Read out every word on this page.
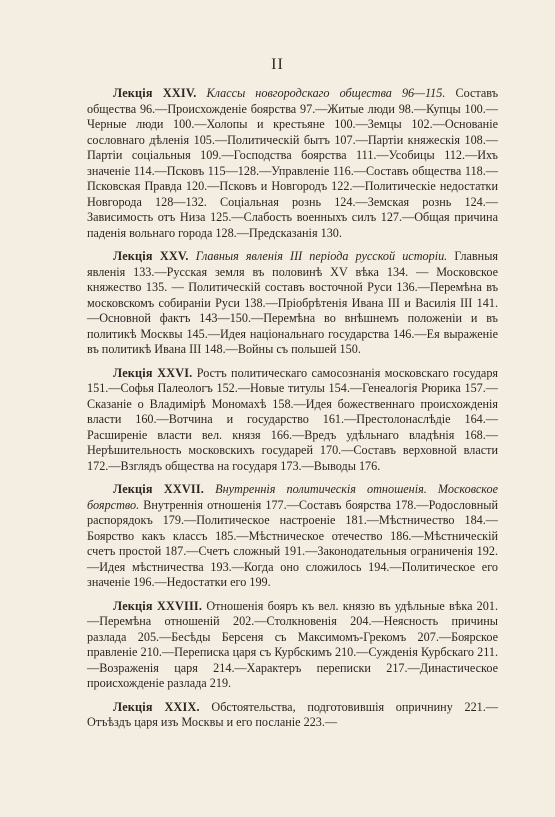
II

Лекція XXIV. Классы новгородскаго общества 96—115. Составъ общества 96.—Происхожденіе боярства 97.—Житые люди 98.—Купцы 100.—Черные люди 100.—Холопы и крестьяне 100.—Земцы 102.—Основаніе сословнаго дѣленія 105.—Политическій бытъ 107.—Партіи княжескія 108.—Партіи соціальныя 109.—Господства боярства 111.—Усобицы 112.—Ихъ значеніе 114.—Псковъ 115—128.—Управленіе 116.—Составъ общества 118.—Псковская Правда 120.—Псковъ и Новгородъ 122.—Политическіе недостатки Новгорода 128—132. Соціальная рознь 124.—Земская рознь 124.—Зависимость отъ Низа 125.—Слабость военныхъ силъ 127.—Общая причина паденія вольнаго города 128.—Предсказанія 130.

Лекція XXV. Главныя явленія III періода русской исторіи. Главныя явленія 133.—Русская земля въ половинѣ XV вѣка 134. — Московское княжество 135. — Политическій составъ восточной Руси 136.—Перемѣна въ московскомъ собираніи Руси 138.—Пріобрѣтенія Ивана III и Василія III 141.—Основной фактъ 143—150.—Перемѣна во внѣшнемъ положеніи и въ политикѣ Москвы 145.—Идея національнаго государства 146.—Ея выраженіе въ политикѣ Ивана III 148.—Войны съ польшей 150.

Лекція XXVI. Ростъ политическаго самосознанія московскаго государя 151.—Софья Палеологъ 152.—Новые титулы 154.—Генеалогія Рюрика 157.—Сказаніе о Владимірѣ Мономахѣ 158.—Идея божественнаго происхожденія власти 160.—Вотчина и государство 161.—Престолонаслѣдіе 164.—Расширеніе власти вел. князя 166.—Вредъ удѣльнаго владѣнія 168.—Нерѣшительность московскихъ государей 170.—Составъ верховной власти 172.—Взглядъ общества на государя 173.—Выводы 176.

Лекція XXVII. Внутреннія политическія отношенія. Московское боярство. Внутреннія отношенія 177.—Составъ боярства 178.—Родословный распорядокъ 179.—Политическое настроеніе 181.—Мѣстничество 184.—Боярство какъ классъ 185.—Мѣстническое отечество 186.—Мѣстническій счетъ простой 187.—Счетъ сложный 191.—Законодательныя ограниченія 192.—Идея мѣстничества 193.—Когда оно сложилось 194.—Политическое его значеніе 196.—Недостатки его 199.

Лекція XXVIII. Отношенія бояръ къ вел. князю въ удѣльные вѣка 201.—Перемѣна отношеній 202.—Столкновенія 204.—Неясность причины разлада 205.—Бесѣды Берсеня съ Максимомъ-Грекомъ 207.—Боярское правленіе 210.—Переписка царя съ Курбскимъ 210.—Сужденія Курбскаго 211.—Возраженія царя 214.—Характеръ переписки 217.—Династическое происхожденіе разлада 219.

Лекція XXIX. Обстоятельства, подготовившія опричнину 221.—Отъѣздъ царя изъ Москвы и его посланіе 223.—
